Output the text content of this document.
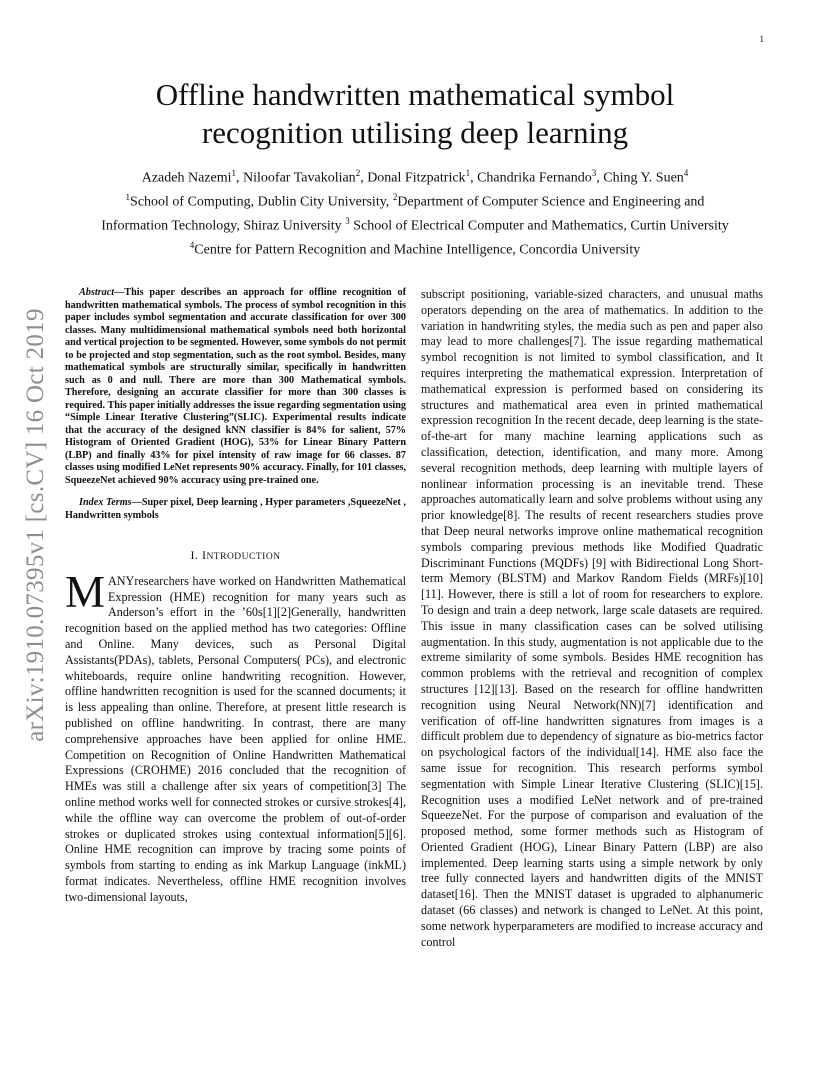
1
arXiv:1910.07395v1 [cs.CV] 16 Oct 2019
Offline handwritten mathematical symbol
recognition utilising deep learning
Azadeh Nazemi$^1$, Niloofar Tavakolian$^2$, Donal Fitzpatrick$^1$, Chandrika Fernando$^3$, Ching Y. Suen$^4$
$^1$School of Computing, Dublin City University, $^2$Department of Computer Science and Engineering and
Information Technology, Shiraz University $^3$ School of Electrical Computer and Mathematics, Curtin University
$^4$Centre for Pattern Recognition and Machine Intelligence, Concordia University

Abstract—This paper describes an approach for offline recognition of handwritten mathematical symbols. The process of symbol recognition in this paper includes symbol segmentation and accurate classification for over 300 classes. Many multidimensional mathematical symbols need both horizontal and vertical projection to be segmented. However, some symbols do not permit to be projected and stop segmentation, such as the root symbol. Besides, many mathematical symbols are structurally similar, specifically in handwritten such as 0 and null. There are more than 300 Mathematical symbols. Therefore, designing an accurate classifier for more than 300 classes is required. This paper initially addresses the issue regarding segmentation using “Simple Linear Iterative Clustering”(SLIC). Experimental results indicate that the accuracy of the designed kNN classifier is 84% for salient, 57% Histogram of Oriented Gradient (HOG), 53% for Linear Binary Pattern (LBP) and finally 43% for pixel intensity of raw image for 66 classes. 87 classes using modified LeNet represents 90% accuracy. Finally, for 101 classes, SqueezeNet achieved 90% accuracy using pre-trained one.

Index Terms—Super pixel, Deep learning , Hyper parameters ,SqueezeNet , Handwritten symbols

I. INTRODUCTION

M ANYresearchers have worked on Handwritten Mathematical Expression (HME) recognition for many years such as Anderson’s effort in the ’60s[1][2]Generally, handwritten recognition based on the applied method has two categories: Offline and Online. Many devices, such as Personal Digital Assistants(PDAs), tablets, Personal Computers( PCs), and electronic whiteboards, require online handwriting recognition. However, offline handwritten recognition is used for the scanned documents; it is less appealing than online. Therefore, at present little research is published on offline handwriting. In contrast, there are many comprehensive approaches have been applied for online HME. Competition on Recognition of Online Handwritten Mathematical Expressions (CROHME) 2016 concluded that the recognition of HMEs was still a challenge after six years of competition[3] The online method works well for connected strokes or cursive strokes[4], while the offline way can overcome the problem of out-of-order strokes or duplicated strokes using contextual information[5][6]. Online HME recognition can improve by tracing some points of symbols from starting to ending as ink Markup Language (inkML) format indicates. Nevertheless, offline HME recognition involves two-dimensional layouts,

subscript positioning, variable-sized characters, and unusual maths operators depending on the area of mathematics. In addition to the variation in handwriting styles, the media such as pen and paper also may lead to more challenges[7]. The issue regarding mathematical symbol recognition is not limited to symbol classification, and It requires interpreting the mathematical expression. Interpretation of mathematical expression is performed based on considering its structures and mathematical area even in printed mathematical expression recognition In the recent decade, deep learning is the state-of-the-art for many machine learning applications such as classification, detection, identification, and many more. Among several recognition methods, deep learning with multiple layers of nonlinear information processing is an inevitable trend. These approaches automatically learn and solve problems without using any prior knowledge[8]. The results of recent researchers studies prove that Deep neural networks improve online mathematical recognition symbols comparing previous methods like Modified Quadratic Discriminant Functions (MQDFs) [9] with Bidirectional Long Short-term Memory (BLSTM) and Markov Random Fields (MRFs)[10][11]. However, there is still a lot of room for researchers to explore. To design and train a deep network, large scale datasets are required. This issue in many classification cases can be solved utilising augmentation. In this study, augmentation is not applicable due to the extreme similarity of some symbols. Besides HME recognition has common problems with the retrieval and recognition of complex structures [12][13]. Based on the research for offline handwritten recognition using Neural Network(NN)[7] identification and verification of off-line handwritten signatures from images is a difficult problem due to dependency of signature as bio-metrics factor on psychological factors of the individual[14]. HME also face the same issue for recognition. This research performs symbol segmentation with Simple Linear Iterative Clustering (SLIC)[15]. Recognition uses a modified LeNet network and of pre-trained SqueezeNet. For the purpose of comparison and evaluation of the proposed method, some former methods such as Histogram of Oriented Gradient (HOG), Linear Binary Pattern (LBP) are also implemented. Deep learning starts using a simple network by only tree fully connected layers and handwritten digits of the MNIST dataset[16]. Then the MNIST dataset is upgraded to alphanumeric dataset (66 classes) and network is changed to LeNet. At this point, some network hyperparameters are modified to increase accuracy and control
